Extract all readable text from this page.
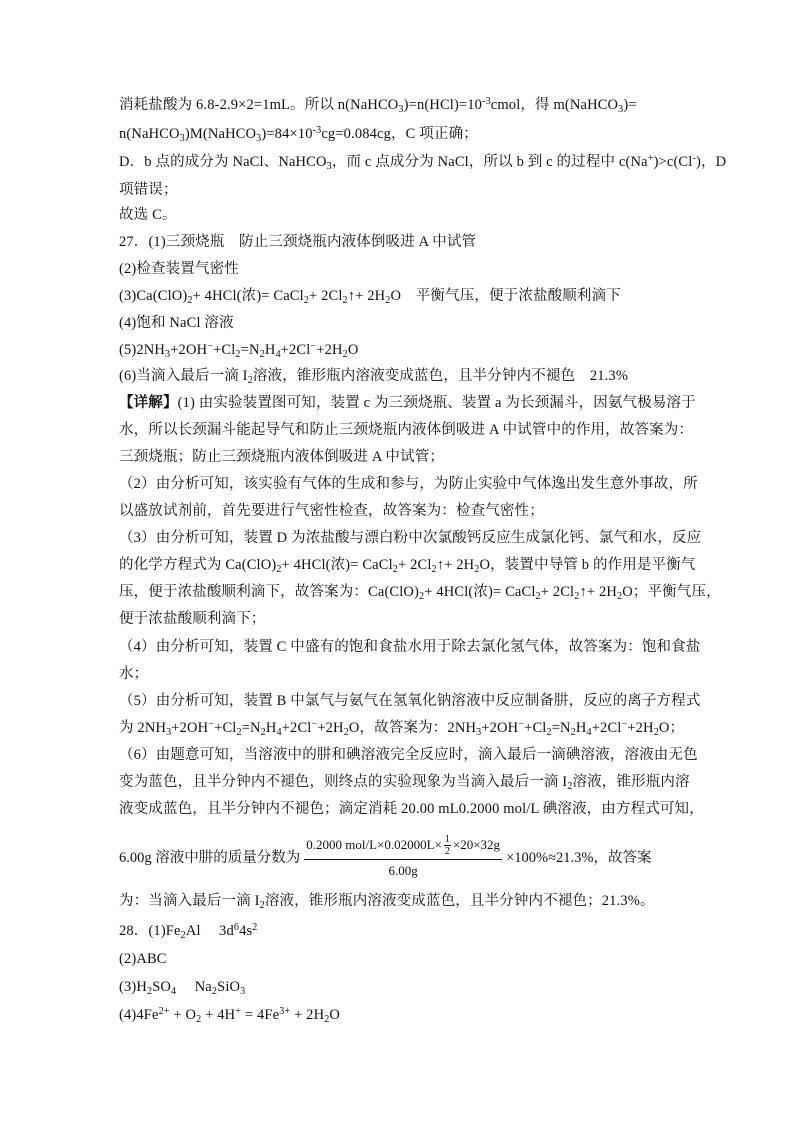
消耗盐酸为 6.8-2.9×2=1mL。所以 $n(NaHCO_3)=n(HCl)=10^{-3}cmol$，得 m(NaHCO$_3$)=
$n(NaHCO_3)M(NaHCO_3)=84\times 10^{-3}cg=0.084cg$，C 项正确；
D．b 点的成分为 NaCl、NaHCO$_3$，而 c 点成分为 NaCl，所以 b 到 c 的过程中 c(Na+)>c(Cl-)，D
项错误；
故选 C。
27．(1)三颈烧瓶　防止三颈烧瓶内液体倒吸进 A 中试管
(2)检查装置气密性
$(3)Ca(ClO)_2+ 4HCl$(浓)= CaCl$_2$+ $2Cl_2↑+ 2H_2O$　平衡气压，便于浓盐酸顺利滴下
(4)饱和 NaCl 溶液
$(5)2NH_3+2OH^-+Cl_2=N_2H_4+2Cl^-+2H_2O$
(6)当滴入最后一滴 $I_2$溶液，锥形瓶内溶液变成蓝色，且半分钟内不褪色　21.3%
【详解】(1) 由实验装置图可知，装置 c 为三颈烧瓶、装置 a 为长颈漏斗，因氨气极易溶于
水，所以长颈漏斗能起导气和防止三颈烧瓶内液体倒吸进 A 中试管中的作用，故答案为：
三颈烧瓶；防止三颈烧瓶内液体倒吸进 A 中试管；
（2）由分析可知，该实验有气体的生成和参与，为防止实验中气体逸出发生意外事故，所
以盛放试剂前，首先要进行气密性检查，故答案为：检查气密性；
（3）由分析可知，装置 D 为浓盐酸与漂白粉中次氯酸钙反应生成氯化钙、氯气和水，反应
的化学方程式为 $Ca(ClO)_2+ 4HCl$(浓)= CaCl$_2$+ $2Cl_2↑+ 2H_2O$，装置中导管 b 的作用是平衡气
压，便于浓盐酸顺利滴下，故答案为：$Ca(ClO)_2+ 4HCl$(浓)= CaCl$_2$+ $2Cl_2↑+ 2H_2O$；平衡气压，
便于浓盐酸顺利滴下；
（4）由分析可知，装置 C 中盛有的饱和食盐水用于除去氯化氢气体，故答案为：饱和食盐
水；
（5）由分析可知，装置 B 中氯气与氨气在氢氧化钠溶液中反应制备肼，反应的离子方程式
为 $2NH_3+2OH^-+Cl_2=N_2H_4+2Cl^-+2H_2O$，故答案为：$2NH_3+2OH^-+Cl_2=N_2H_4+2Cl^-+2H_2O$；
（6）由题意可知，当溶液中的肼和碘溶液完全反应时，滴入最后一滴碘溶液，溶液由无色
变为蓝色，且半分钟内不褪色，则终点的实验现象为当滴入最后一滴 $I_2$溶液，锥形瓶内溶
液变成蓝色，且半分钟内不褪色；滴定消耗 20.00 mL0.2000 mol/L 碘溶液，由方程式可知，
为：当滴入最后一滴 $I_2$溶液，锥形瓶内溶液变成蓝色，且半分钟内不褪色；21.3%。
28．$(1)Fe_2Al$　 $3d^64s^2$
(2)ABC
$(3)H_2SO_4$　 $Na_2SiO_3$
$(4)4Fe^{2+} + O_2 + 4H^+ = 4Fe^{3+} + 2H_2O$
6.00g 溶液中肼的质量分数为
0.2000 $mol/L\times 0.02000L\times \frac{1}{2} \times 20\times 32g$
6.00g
×100%≈21.3%，故答案
